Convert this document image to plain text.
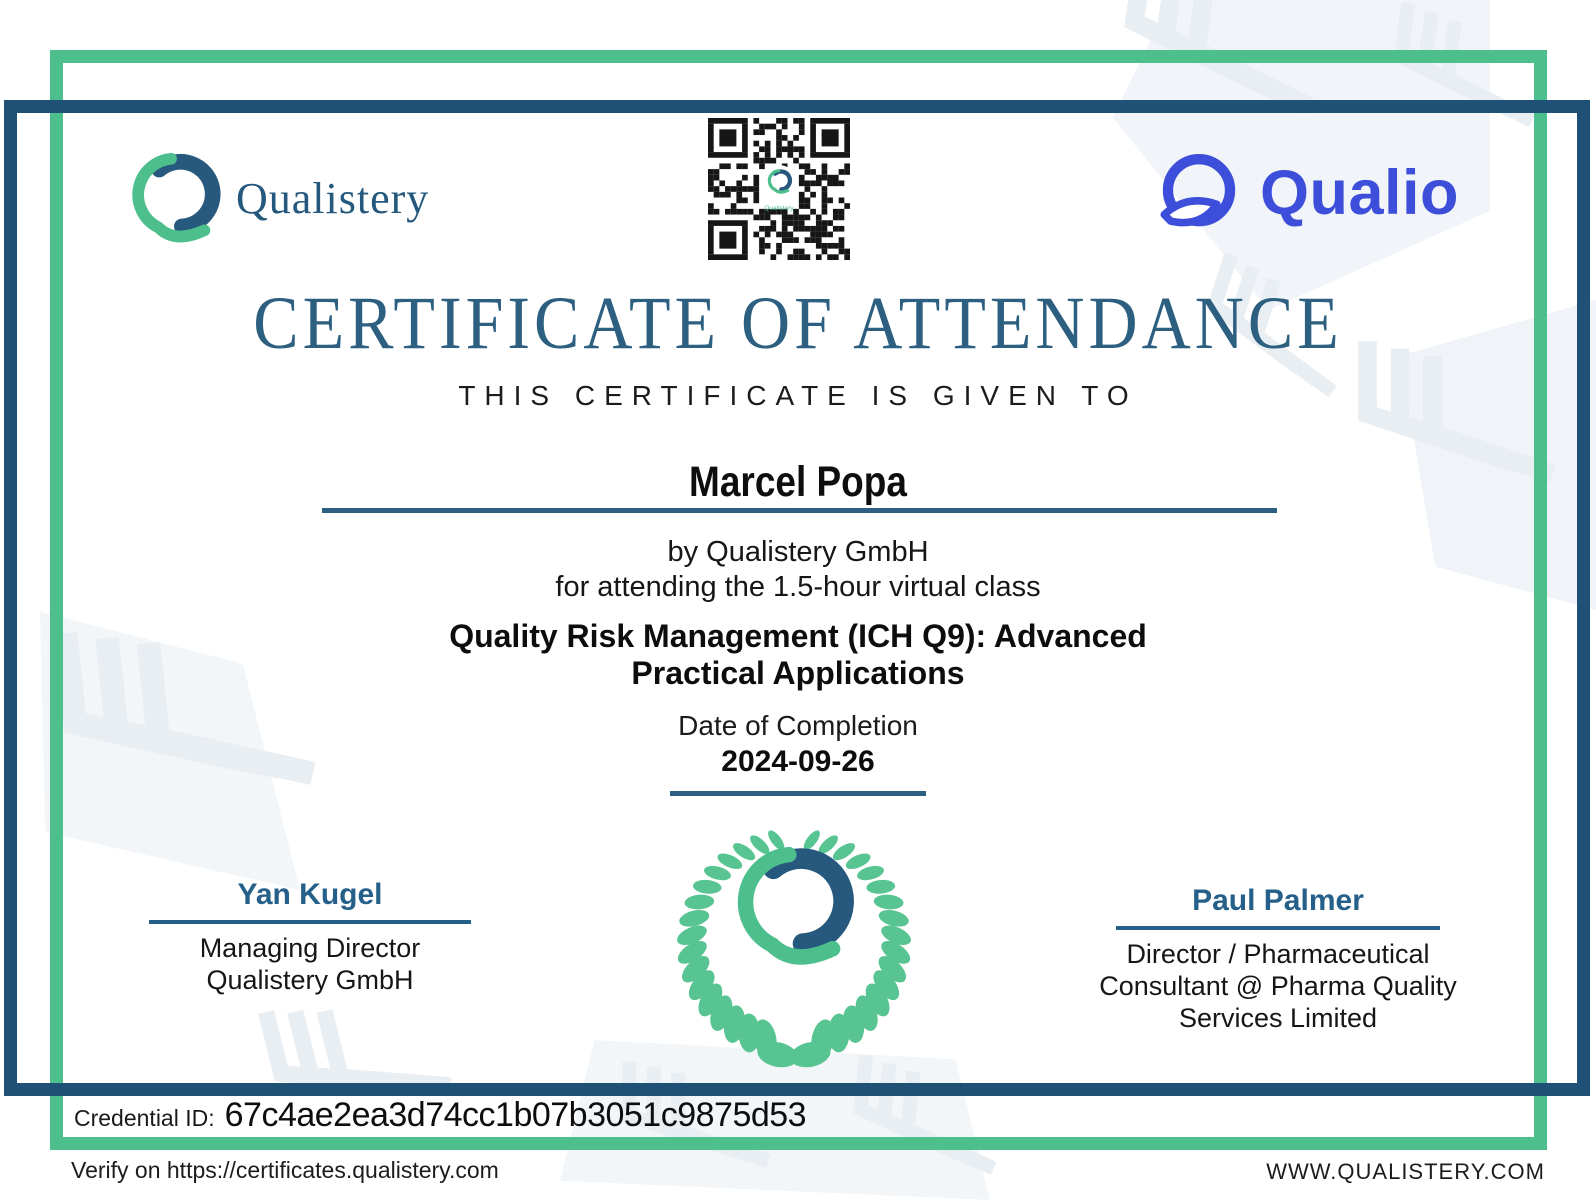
Qualistery	Qualistery	Qualio
CERTIFICATE OF ATTENDANCE
THIS CERTIFICATE IS GIVEN TO
Marcel Popa
by Qualistery GmbH
for attending the 1.5-hour virtual class
Quality Risk Management (ICH Q9): Advanced Practical Applications
Date of Completion
2024-09-26
Yan Kugel
Managing Director
Qualistery GmbH
Paul Palmer
Director / Pharmaceutical
Consultant @ Pharma Quality
Services Limited
Credential ID: 67c4ae2ea3d74cc1b07b3051c9875d53
Verify on https://certificates.qualistery.com	WWW.QUALISTERY.COM
